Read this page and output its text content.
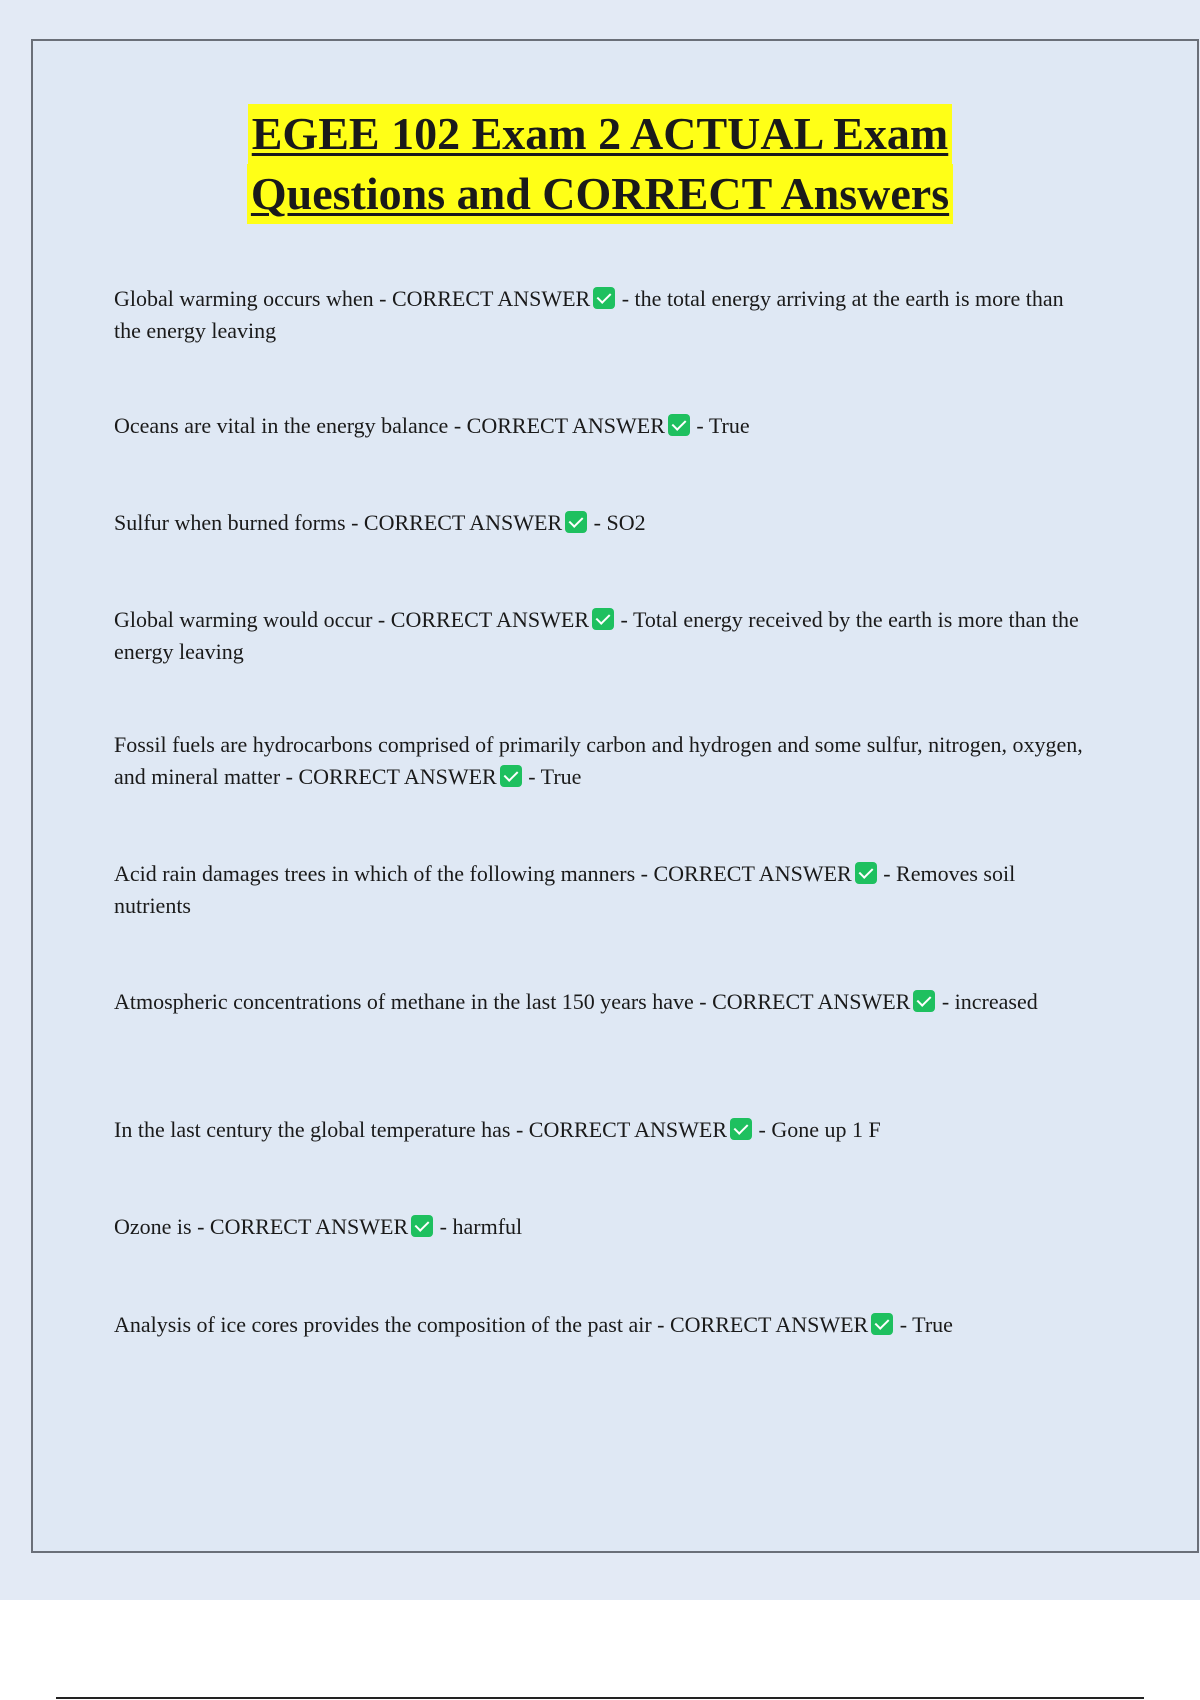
EGEE 102 Exam 2 ACTUAL Exam
Questions and CORRECT Answers
Global warming occurs when - CORRECT ANSWER - the total energy arriving at the earth is more than the energy leaving
Oceans are vital in the energy balance - CORRECT ANSWER - True
Sulfur when burned forms - CORRECT ANSWER - SO2
Global warming would occur - CORRECT ANSWER - Total energy received by the earth is more than the energy leaving
Fossil fuels are hydrocarbons comprised of primarily carbon and hydrogen and some sulfur, nitrogen, oxygen, and mineral matter - CORRECT ANSWER - True
Acid rain damages trees in which of the following manners - CORRECT ANSWER - Removes soil nutrients
Atmospheric concentrations of methane in the last 150 years have - CORRECT ANSWER - increased
In the last century the global temperature has - CORRECT ANSWER - Gone up 1 F
Ozone is - CORRECT ANSWER - harmful
Analysis of ice cores provides the composition of the past air - CORRECT ANSWER - True
